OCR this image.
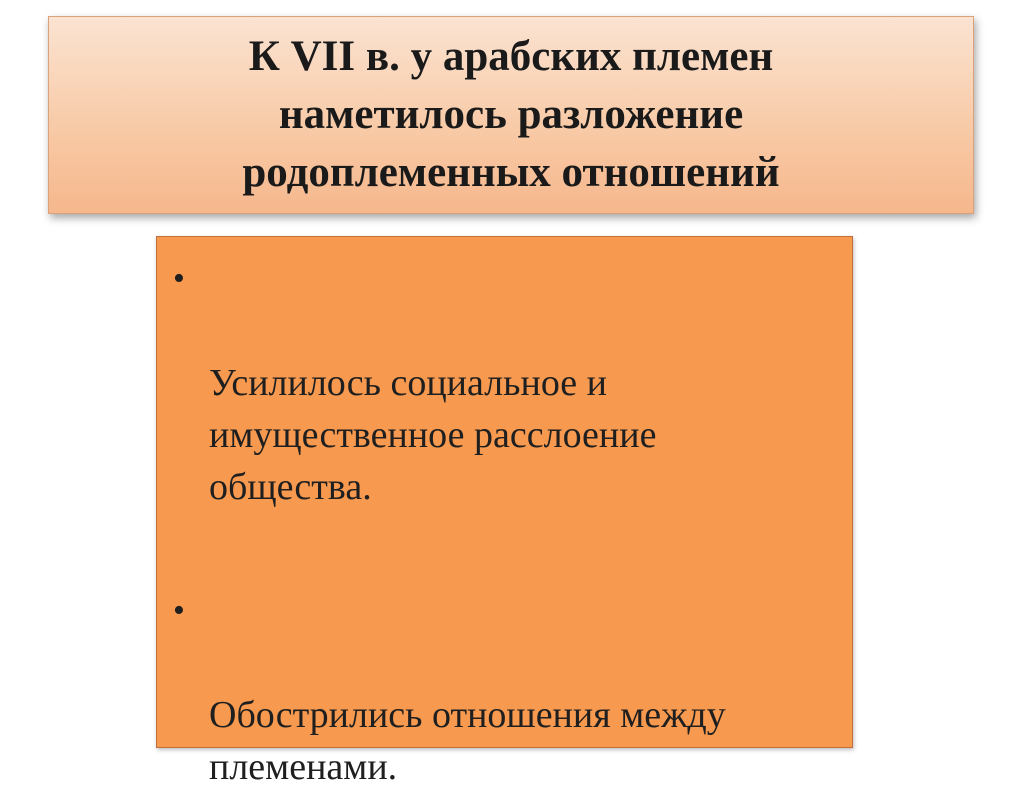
К VII в. у арабских племен
наметилось разложение
родоплеменных отношений

•

Усилилось социальное и
имущественное расслоение
общества.

•

Обострились отношения между
племенами.
